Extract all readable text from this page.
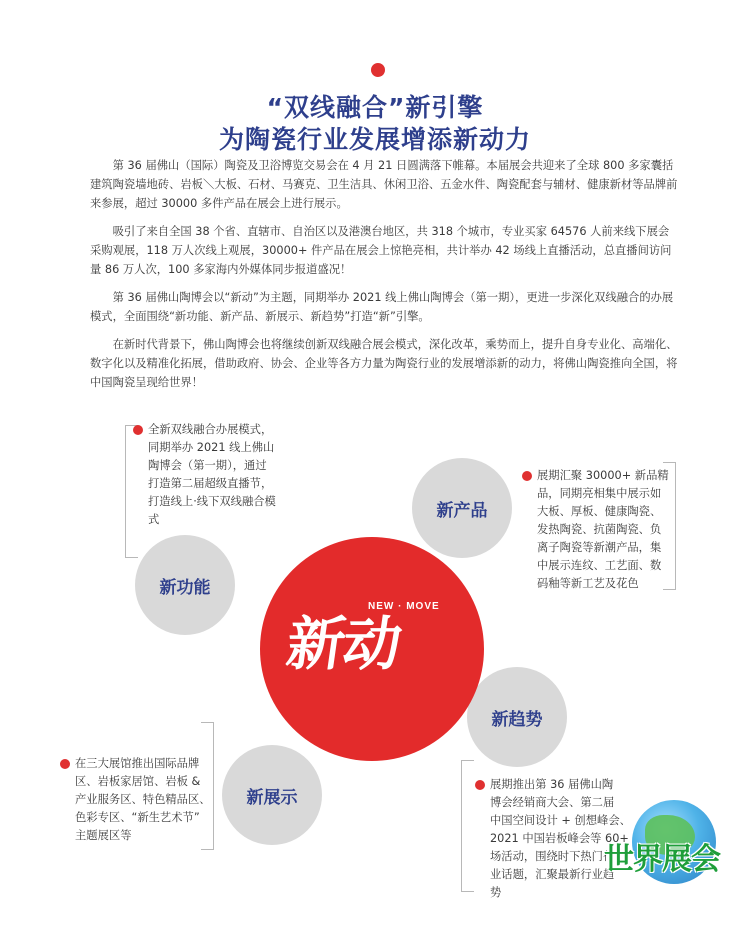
“双线融合”新引擎
为陶瓷行业发展增添新动力

第 36 届佛山（国际）陶瓷及卫浴博览交易会在 4 月 21 日圆满落下帷幕。本届展会共迎来了全球 800 多家囊括建筑陶瓷墙地砖、岩板＼大板、石材、马赛克、卫生洁具、休闲卫浴、五金水件、陶瓷配套与辅材、健康新材等品牌前来参展，超过 30000 多件产品在展会上进行展示。

吸引了来自全国 38 个省、直辖市、自治区以及港澳台地区，共 318 个城市，专业买家 64576 人前来线下展会采购观展，118 万人次线上观展，30000+ 件产品在展会上惊艳亮相，共计举办 42 场线上直播活动，总直播间访问量 86 万人次，100 多家海内外媒体同步报道盛况！

第 36 届佛山陶博会以“新动”为主题，同期举办 2021 线上佛山陶博会（第一期），更进一步深化双线融合的办展模式，全面围绕“新功能、新产品、新展示、新趋势”打造“新”引擎。

在新时代背景下，佛山陶博会也将继续创新双线融合展会模式，深化改革，乘势而上，提升自身专业化、高端化、数字化以及精准化拓展，借助政府、协会、企业等各方力量为陶瓷行业的发展增添新的动力，将佛山陶瓷推向全国，将中国陶瓷呈现给世界！

全新双线融合办展模式，
同期举办 2021 线上佛山
陶博会（第一期），通过
打造第二届超级直播节，
打造线上·线下双线融合模
式
展期汇聚 30000+ 新品精
品，同期亮相集中展示如
大板、厚板、健康陶瓷、
发热陶瓷、抗菌陶瓷、负
离子陶瓷等新潮产品，集
中展示连纹、工艺面、数
码釉等新工艺及花色
展期推出第 36 届佛山陶
博会经销商大会、第二届
中国空间设计 + 创想峰会、
2021 中国岩板峰会等 60+
场活动，围绕时下热门行
业话题，汇聚最新行业趋
势
在三大展馆推出国际品牌
区、岩板家居馆、岩板 &
产业服务区、特色精品区、
色彩专区、“新生艺术节”
主题展区等
新功能
新产品
新趋势
新展示
NEW · MOVE
新动
世界展会
